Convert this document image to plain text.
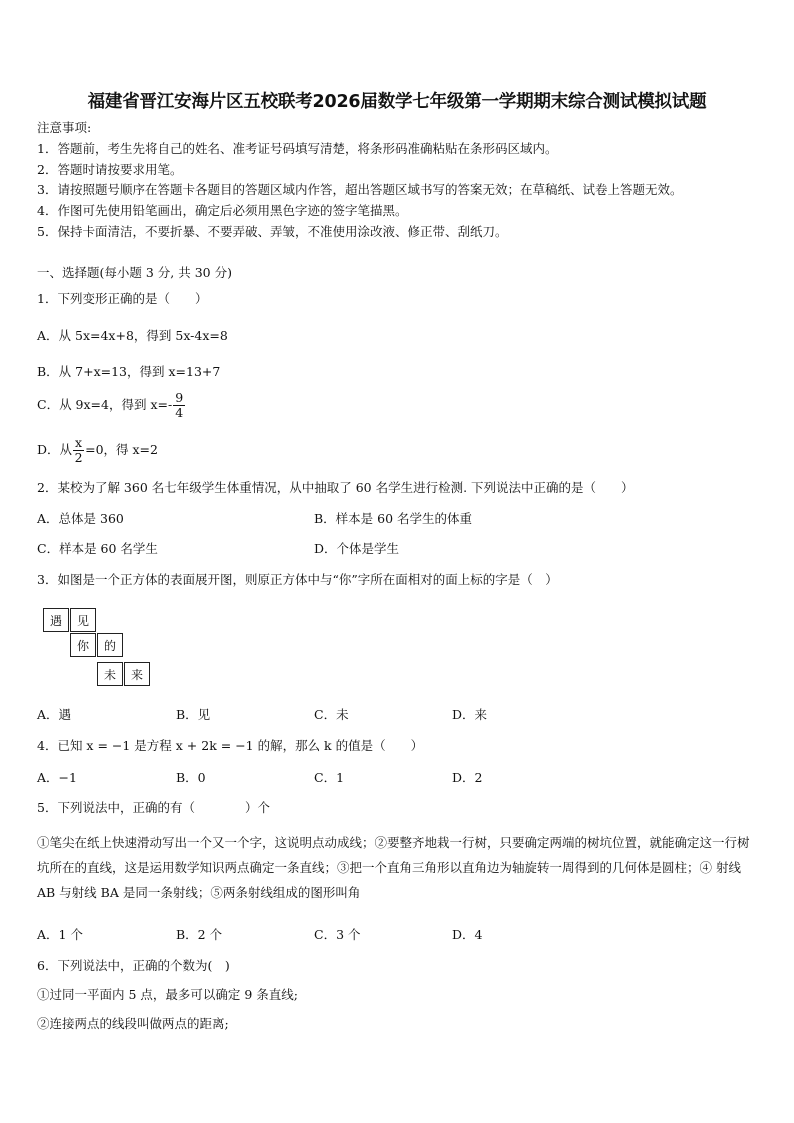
福建省晋江安海片区五校联考2026届数学七年级第一学期期末综合测试模拟试题
注意事项:
1．答题前，考生先将自己的姓名、准考证号码填写清楚，将条形码准确粘贴在条形码区域内。
2．答题时请按要求用笔。
3．请按照题号顺序在答题卡各题目的答题区域内作答，超出答题区域书写的答案无效；在草稿纸、试卷上答题无效。
4．作图可先使用铅笔画出，确定后必须用黑色字迹的签字笔描黑。
5．保持卡面清洁，不要折暴、不要弄破、弄皱，不准使用涂改液、修正带、刮纸刀。
一、选择题(每小题 3 分, 共 30 分)
1．下列变形正确的是（　　）
A．从 5x=4x+8，得到 5x-4x=8
B．从 7+x=13，得到 x=13+7
C．从 9x=4，得到 $x=- \frac{9}{4}$
D．从 $\frac{x}{2} =0$，得 x=2
2．某校为了解 360 名七年级学生体重情况，从中抽取了 60 名学生进行检测. 下列说法中正确的是（　　）
A．总体是 360	B．样本是 60 名学生的体重
C．样本是 60 名学生	D．个体是学生
3．如图是一个正方体的表面展开图，则原正方体中与“你”字所在面相对的面上标的字是（　）
遇	见
你	的
未	来
A．遇	B．见	C．未	D．来
4．已知 x = −1 是方程 x + 2k = −1 的解，那么 k 的值是（　　）
A．−1	B．0	C．1	D．2
5．下列说法中，正确的有（　　　　）个
①笔尖在纸上快速滑动写出一个又一个字，这说明点动成线；②要整齐地栽一行树，只要确定两端的树坑位置，就能确定这一行树坑所在的直线，这是运用数学知识两点确定一条直线；③把一个直角三角形以直角边为轴旋转一周得到的几何体是圆柱；④ 射线 AB 与射线 BA 是同一条射线；⑤两条射线组成的图形叫角
A．1 个	B．2 个	C．3 个	D．4
6．下列说法中，正确的个数为(　)
①过同一平面内 5 点，最多可以确定 9 条直线;
②连接两点的线段叫做两点的距离;
